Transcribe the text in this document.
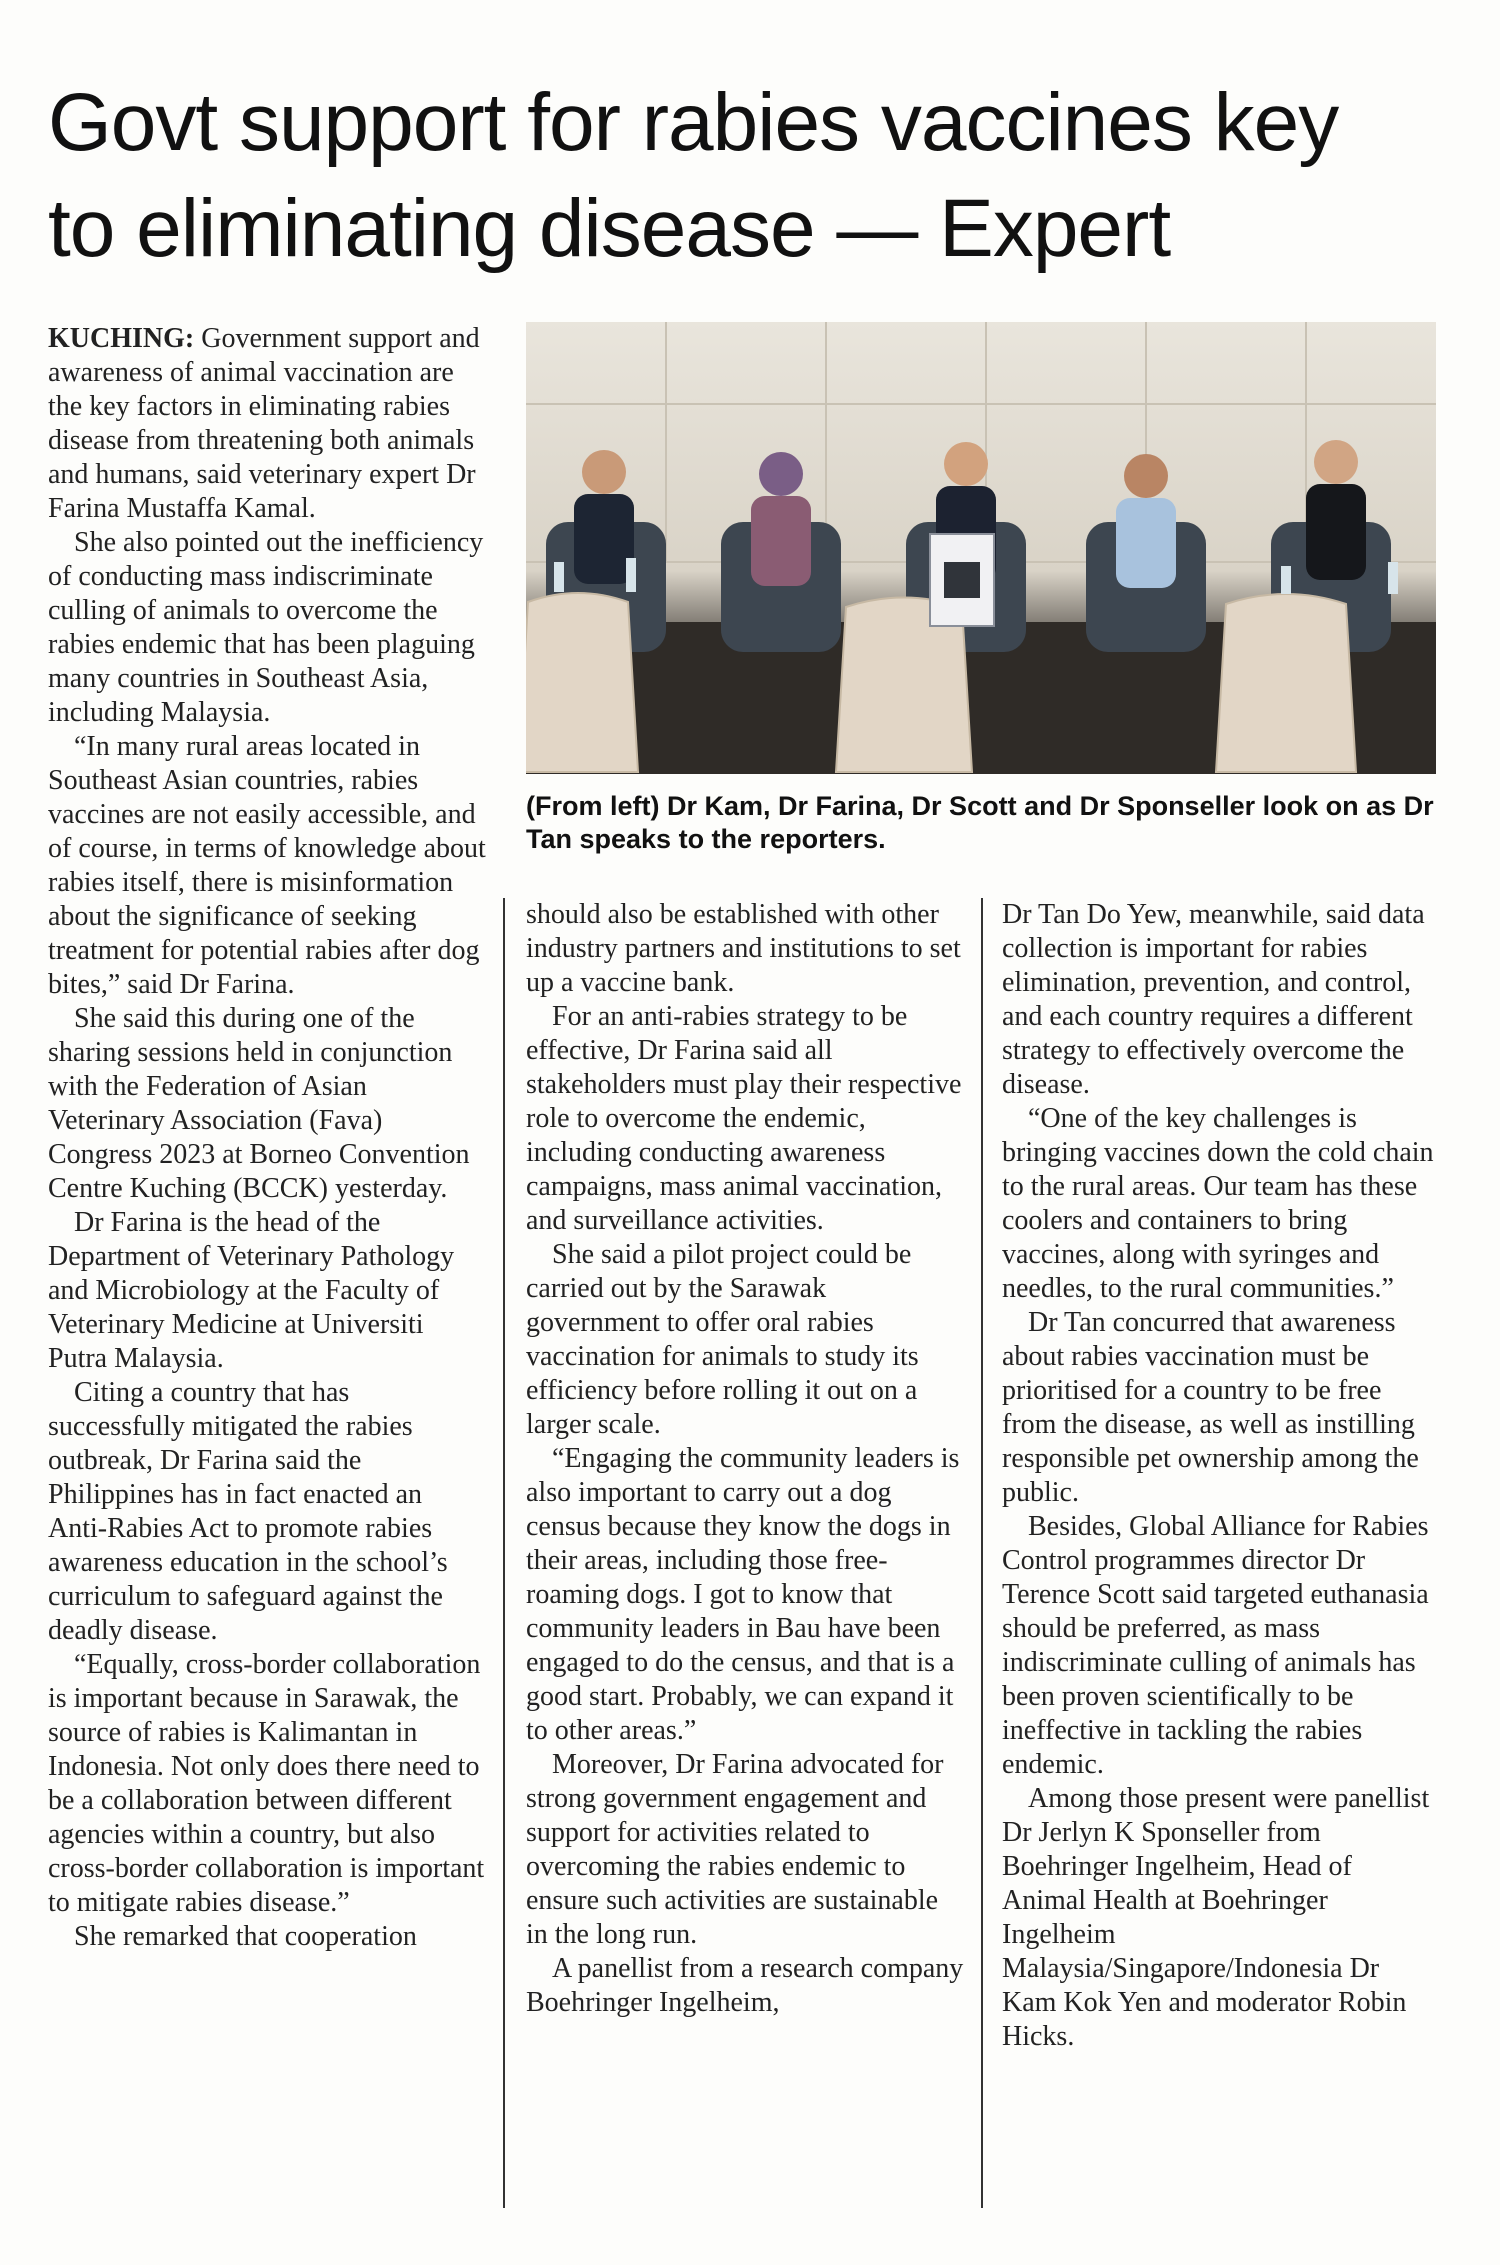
Govt support for rabies vaccines key
to eliminating disease — Expert

KUCHING: Government support and awareness of animal vaccination are the key factors in eliminating rabies disease from threatening both animals and humans, said veterinary expert Dr Farina Mustaffa Kamal.

She also pointed out the inefficiency of conducting mass indiscriminate culling of animals to overcome the rabies endemic that has been plaguing many countries in Southeast Asia, including Malaysia.

“In many rural areas located in Southeast Asian countries, rabies vaccines are not easily accessible, and of course, in terms of knowledge about rabies itself, there is misinformation about the significance of seeking treatment for potential rabies after dog bites,” said Dr Farina.

She said this during one of the sharing sessions held in conjunction with the Federation of Asian Veterinary Association (Fava) Congress 2023 at Borneo Convention Centre Kuching (BCCK) yesterday.

Dr Farina is the head of the Department of Veterinary Pathology and Microbiology at the Faculty of Veterinary Medicine at Universiti Putra Malaysia.

Citing a country that has successfully mitigated the rabies outbreak, Dr Farina said the Philippines has in fact enacted an Anti-Rabies Act to promote rabies awareness education in the school’s curriculum to safeguard against the deadly disease.

“Equally, cross-border collaboration is important because in Sarawak, the source of rabies is Kalimantan in Indonesia. Not only does there need to be a collaboration between different agencies within a country, but also cross-border collaboration is important to mitigate rabies disease.”

She remarked that cooperation

(From left) Dr Kam, Dr Farina, Dr Scott and Dr Sponseller look on as Dr Tan speaks to the reporters.

should also be established with other industry partners and institutions to set up a vaccine bank.

For an anti-rabies strategy to be effective, Dr Farina said all stakeholders must play their respective role to overcome the endemic, including conducting awareness campaigns, mass animal vaccination, and surveillance activities.

She said a pilot project could be carried out by the Sarawak government to offer oral rabies vaccination for animals to study its efficiency before rolling it out on a larger scale.

“Engaging the community leaders is also important to carry out a dog census because they know the dogs in their areas, including those free-roaming dogs. I got to know that community leaders in Bau have been engaged to do the census, and that is a good start. Probably, we can expand it to other areas.”

Moreover, Dr Farina advocated for strong government engagement and support for activities related to overcoming the rabies endemic to ensure such activities are sustainable in the long run.

A panellist from a research company Boehringer Ingelheim,

Dr Tan Do Yew, meanwhile, said data collection is important for rabies elimination, prevention, and control, and each country requires a different strategy to effectively overcome the disease.

“One of the key challenges is bringing vaccines down the cold chain to the rural areas. Our team has these coolers and containers to bring vaccines, along with syringes and needles, to the rural communities.”

Dr Tan concurred that awareness about rabies vaccination must be prioritised for a country to be free from the disease, as well as instilling responsible pet ownership among the public.

Besides, Global Alliance for Rabies Control programmes director Dr Terence Scott said targeted euthanasia should be preferred, as mass indiscriminate culling of animals has been proven scientifically to be ineffective in tackling the rabies endemic.

Among those present were panellist Dr Jerlyn K Sponseller from Boehringer Ingelheim, Head of Animal Health at Boehringer Ingelheim Malaysia/Singapore/Indonesia Dr Kam Kok Yen and moderator Robin Hicks.
